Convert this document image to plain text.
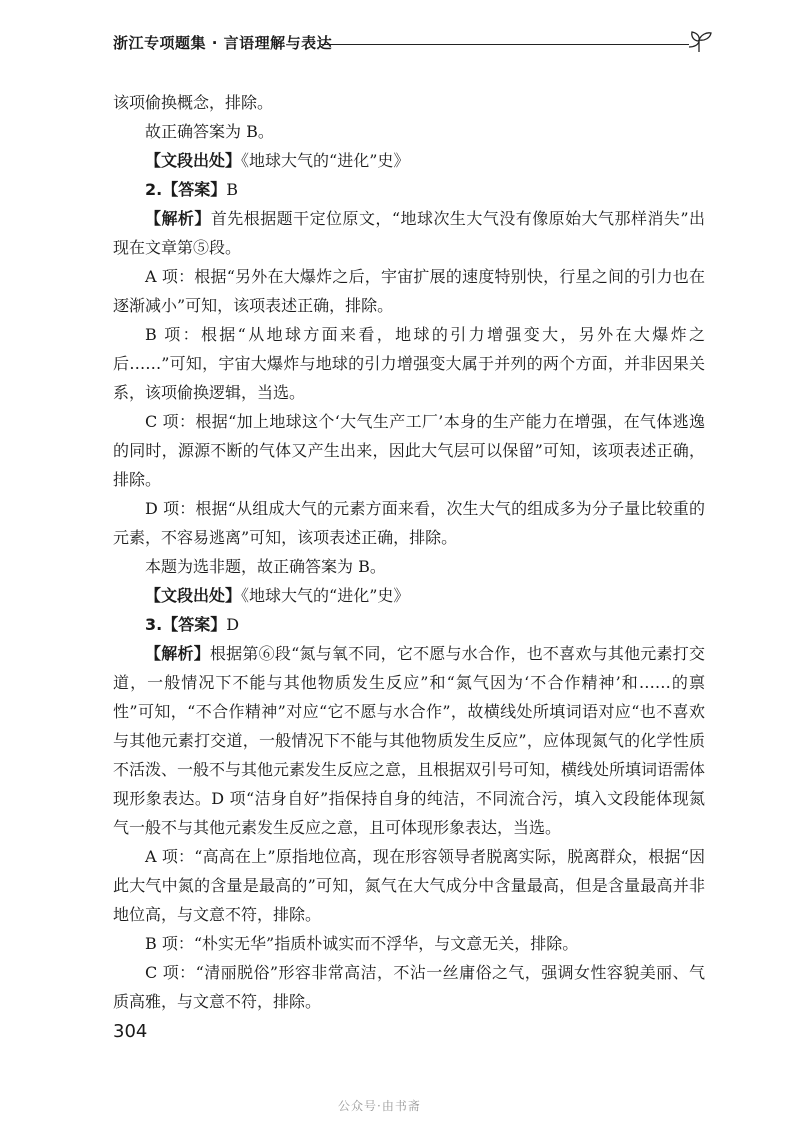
浙江专项题集 · 言语理解与表达

该项偷换概念，排除。

故正确答案为 B。

【文段出处】《地球大气的“进化”史》

2.【答案】B

【解析】首先根据题干定位原文，“地球次生大气没有像原始大气那样消失”出现在文章第⑤段。

A 项：根据“另外在大爆炸之后，宇宙扩展的速度特别快，行星之间的引力也在逐渐减小”可知，该项表述正确，排除。

B 项：根据“从地球方面来看，地球的引力增强变大，另外在大爆炸之后……”可知，宇宙大爆炸与地球的引力增强变大属于并列的两个方面，并非因果关系，该项偷换逻辑，当选。

C 项：根据“加上地球这个‘大气生产工厂’本身的生产能力在增强，在气体逃逸的同时，源源不断的气体又产生出来，因此大气层可以保留”可知，该项表述正确，排除。

D 项：根据“从组成大气的元素方面来看，次生大气的组成多为分子量比较重的元素，不容易逃离”可知，该项表述正确，排除。

本题为选非题，故正确答案为 B。

【文段出处】《地球大气的“进化”史》

3.【答案】D

【解析】根据第⑥段“氮与氧不同，它不愿与水合作，也不喜欢与其他元素打交道，一般情况下不能与其他物质发生反应”和“氮气因为‘不合作精神’和……的禀性”可知，“不合作精神”对应“它不愿与水合作”，故横线处所填词语对应“也不喜欢与其他元素打交道，一般情况下不能与其他物质发生反应”，应体现氮气的化学性质不活泼、一般不与其他元素发生反应之意，且根据双引号可知，横线处所填词语需体现形象表达。D 项“洁身自好”指保持自身的纯洁，不同流合污，填入文段能体现氮气一般不与其他元素发生反应之意，且可体现形象表达，当选。

A 项：“高高在上”原指地位高，现在形容领导者脱离实际，脱离群众，根据“因此大气中氮的含量是最高的”可知，氮气在大气成分中含量最高，但是含量最高并非地位高，与文意不符，排除。

B 项：“朴实无华”指质朴诚实而不浮华，与文意无关，排除。

C 项：“清丽脱俗”形容非常高洁，不沾一丝庸俗之气，强调女性容貌美丽、气质高雅，与文意不符，排除。

304
公众号·由书斋
